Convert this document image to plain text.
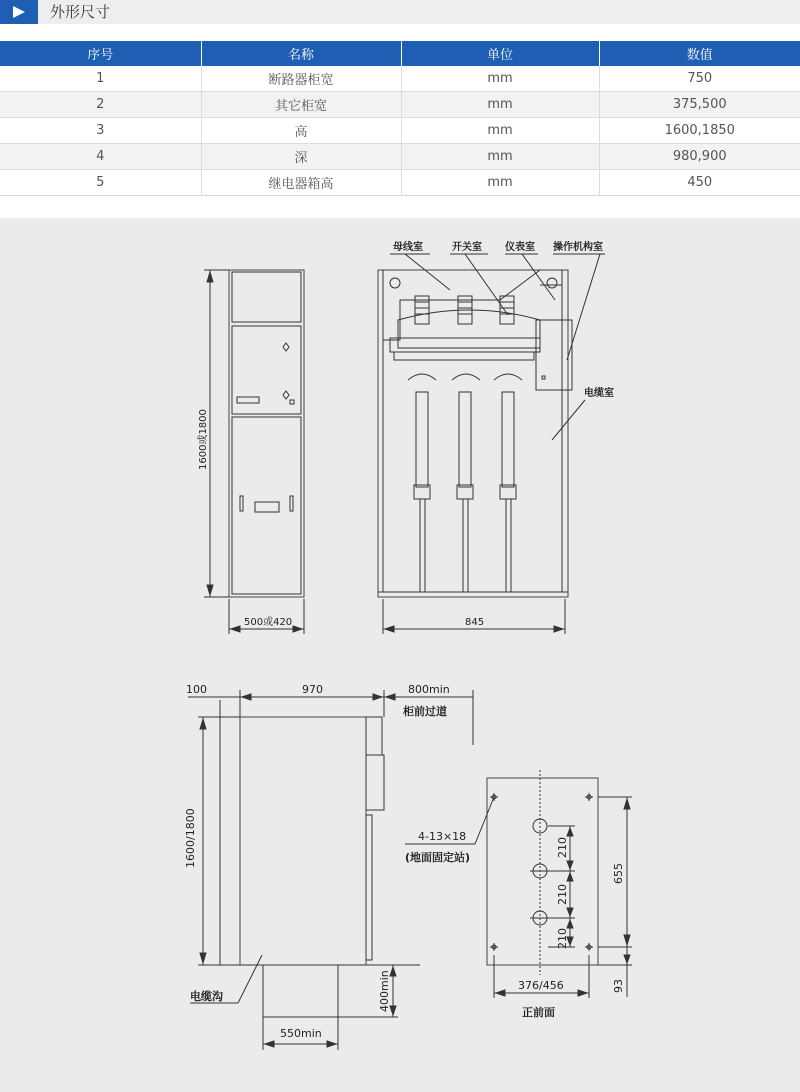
外形尺寸
序号	名称	单位	数值
1	断路器柜宽	mm	750
2	其它柜宽	mm	375,500
3	高	mm	1600,1850
4	深	mm	980,900
5	继电器箱高	mm	450
1600或1800
500或420
母线室	开关室 仪表室 操作机构室
电缆室
845
100	970	800min
柜前过道
1600/1800
电缆沟	400min
550min
4-13×18
(地面固定站)	210
210
210
655
376/456	93
正前面
